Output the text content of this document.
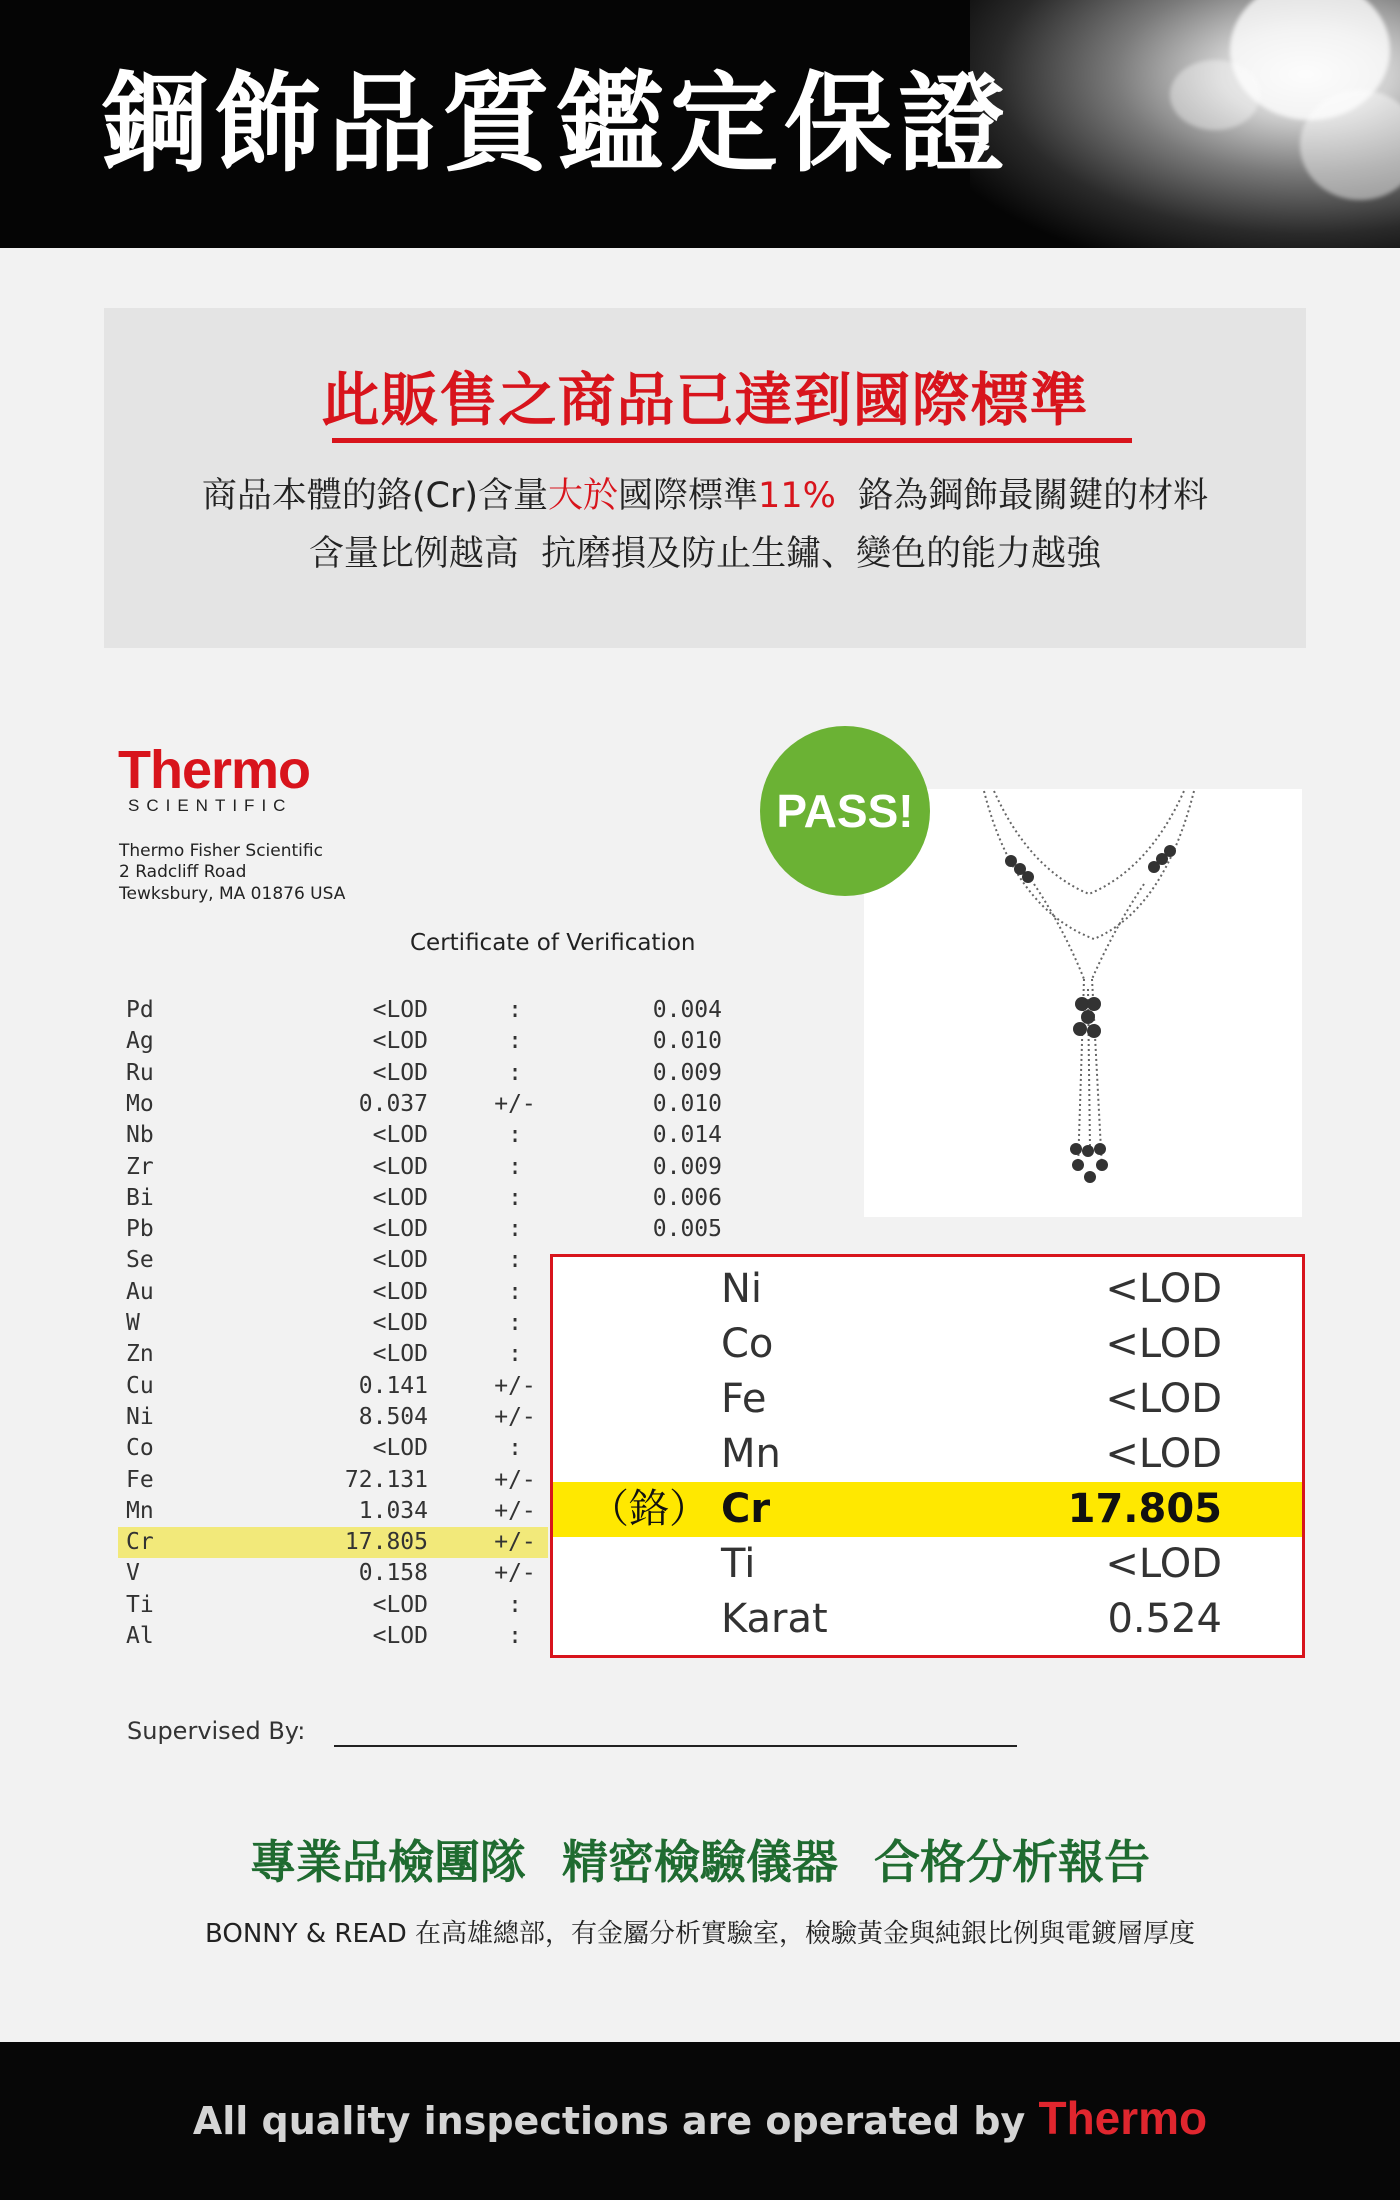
鋼飾品質鑑定保證
此販售之商品已達到國際標準
商品本體的鉻(Cr)含量大於國際標準11%  鉻為鋼飾最關鍵的材料
含量比例越高  抗磨損及防止生鏽、變色的能力越強
Thermo
SCIENTIFIC
Thermo Fisher Scientific
2 Radcliff Road
Tewksbury, MA 01876 USA
Certificate of Verification
PASS!
Pd	<LOD	:	0.004
Ag	<LOD	:	0.010
Ru	<LOD	:	0.009
Mo	0.037	+/-	0.010
Nb	<LOD	:	0.014
Zr	<LOD	:	0.009
Bi	<LOD	:	0.006
Pb	<LOD	:	0.005
Se	<LOD	:
Au	<LOD	:
W	<LOD	:
Zn	<LOD	:
Cu	0.141	+/-
Ni	8.504	+/-
Co	<LOD	:
Fe	72.131	+/-
Mn	1.034	+/-
Cr	17.805	+/-
V	0.158	+/-
Ti	<LOD	:
Al	<LOD	:
Ni	<LOD
Co	<LOD
Fe	<LOD
Mn	<LOD
（鉻） Cr	17.805
Ti	<LOD
Karat	0.524
Supervised By:
專業品檢團隊 精密檢驗儀器 合格分析報告
BONNY & READ 在高雄總部，有金屬分析實驗室，檢驗黃金與純銀比例與電鍍層厚度
All quality inspections are operated by Thermo
